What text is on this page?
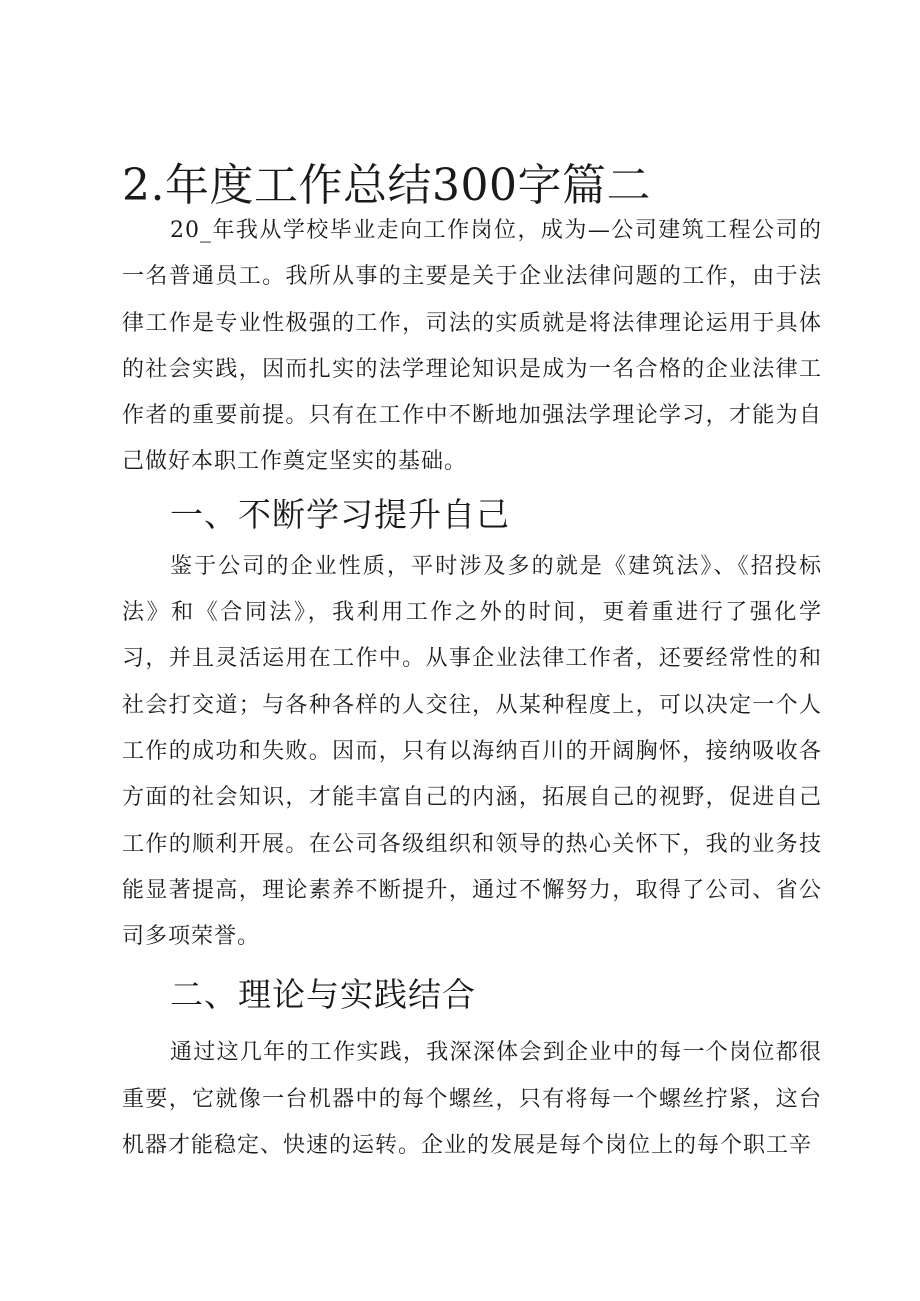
2.年度工作总结300字篇二

20_年我从学校毕业走向工作岗位，成为—公司建筑工程公司的一名普通员工。我所从事的主要是关于企业法律问题的工作，由于法律工作是专业性极强的工作，司法的实质就是将法律理论运用于具体的社会实践，因而扎实的法学理论知识是成为一名合格的企业法律工作者的重要前提。只有在工作中不断地加强法学理论学习，才能为自己做好本职工作奠定坚实的基础。

一、不断学习提升自己

鉴于公司的企业性质，平时涉及多的就是《建筑法》、《招投标法》和《合同法》，我利用工作之外的时间，更着重进行了强化学习，并且灵活运用在工作中。从事企业法律工作者，还要经常性的和社会打交道；与各种各样的人交往，从某种程度上，可以决定一个人工作的成功和失败。因而，只有以海纳百川的开阔胸怀，接纳吸收各方面的社会知识，才能丰富自己的内涵，拓展自己的视野，促进自己工作的顺利开展。在公司各级组织和领导的热心关怀下，我的业务技能显著提高，理论素养不断提升，通过不懈努力，取得了公司、省公司多项荣誉。

二、理论与实践结合

通过这几年的工作实践，我深深体会到企业中的每一个岗位都很重要，它就像一台机器中的每个螺丝，只有将每一个螺丝拧紧，这台机器才能稳定、快速的运转。企业的发展是每个岗位上的每个职工辛
